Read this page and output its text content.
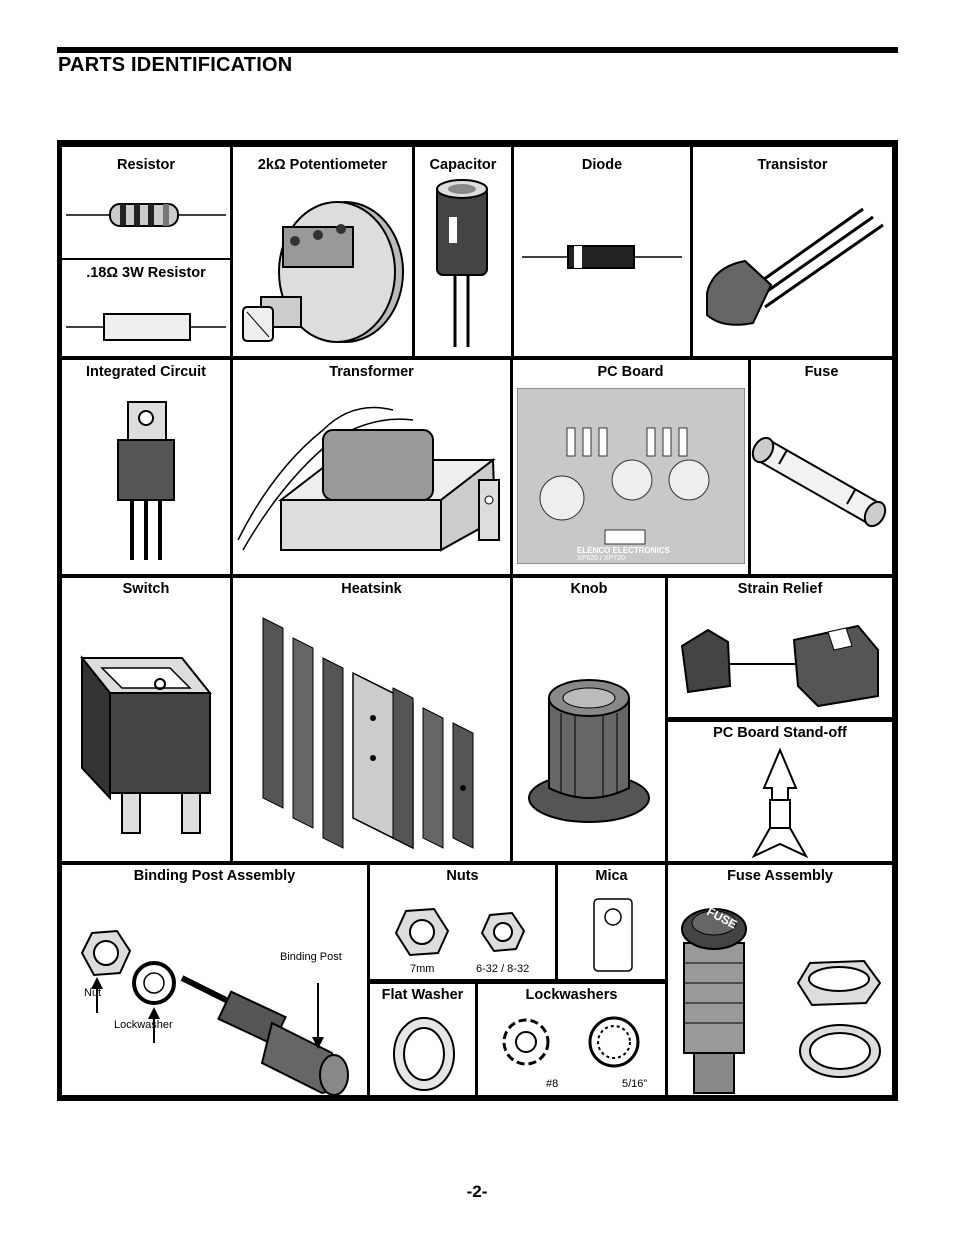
PARTS IDENTIFICATION
Resistor
.18Ω 3W Resistor
2kΩ Potentiometer	Capacitor	Diode	Transistor
Integrated Circuit	Transformer	PC Board
ELENCO ELECTRONICS
XP620 / XP720
Fuse
Switch	Heatsink	Knob	Strain Relief
PC Board Stand-off
Binding Post Assembly
Binding Post
Nut
Lockwasher
Nuts
7mm	6-32 / 8-32
Mica	Fuse Assembly
FUSE
Flat Washer	Lockwashers
#8	5/16”
-2-
